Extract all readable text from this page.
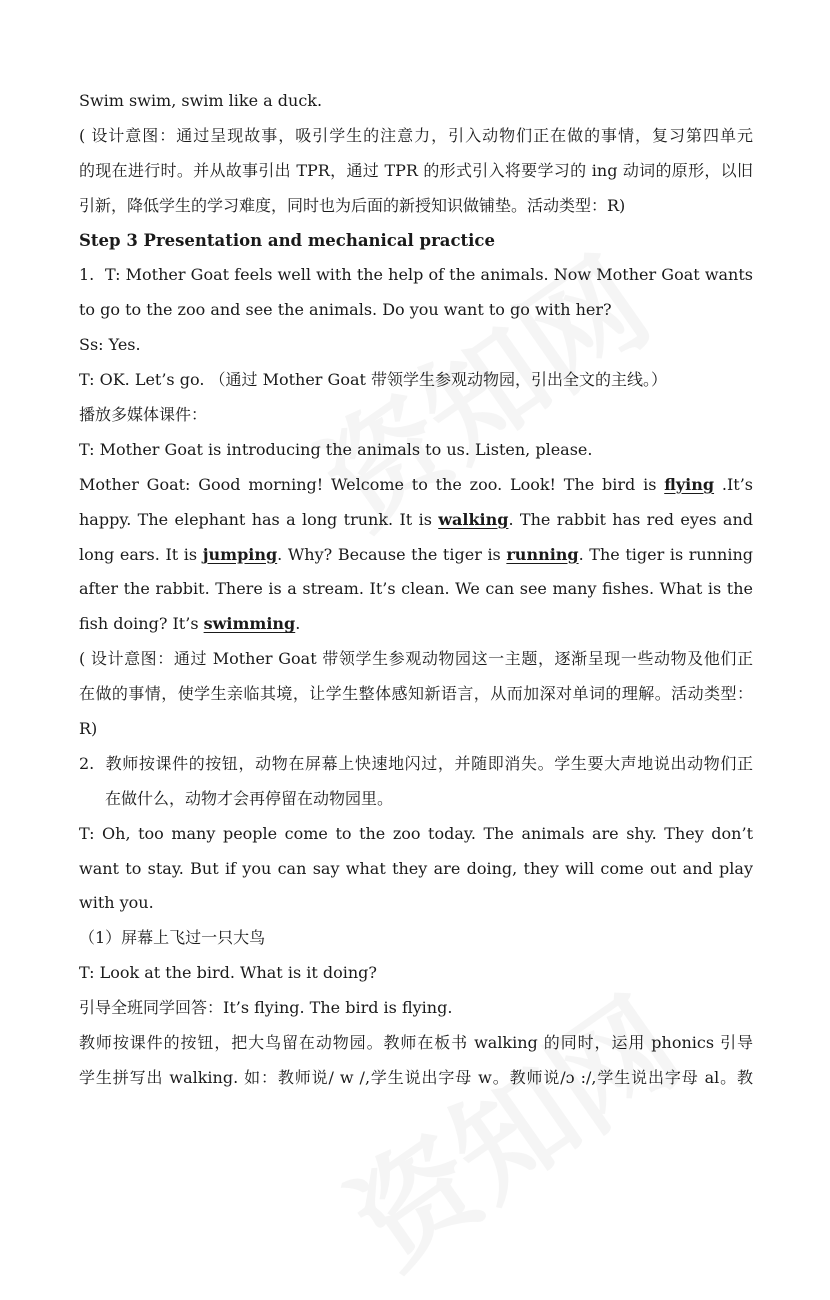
Swim swim, swim like a duck.
( 设计意图：通过呈现故事，吸引学生的注意力，引入动物们正在做的事情，复习第四单元
的现在进行时。并从故事引出 TPR，通过 TPR 的形式引入将要学习的 ing 动词的原形，以旧
引新，降低学生的学习难度，同时也为后面的新授知识做铺垫。活动类型：R)
Step 3 Presentation and mechanical practice
1. T: Mother Goat feels well with the help of the animals. Now Mother Goat wants
to go to the zoo and see the animals. Do you want to go with her?
Ss: Yes.
T: OK. Let’s go. （通过 Mother Goat 带领学生参观动物园，引出全文的主线。）
播放多媒体课件：
T: Mother Goat is introducing the animals to us. Listen, please.
Mother Goat: Good morning! Welcome to the zoo. Look! The bird is flying .It’s
happy. The elephant has a long trunk. It is walking. The rabbit has red eyes and
long ears. It is jumping. Why? Because the tiger is running. The tiger is running
after the rabbit. There is a stream. It’s clean. We can see many fishes. What is the
fish doing? It’s swimming.
( 设计意图：通过 Mother Goat 带领学生参观动物园这一主题，逐渐呈现一些动物及他们正
在做的事情，使学生亲临其境，让学生整体感知新语言，从而加深对单词的理解。活动类型：
R)
2. 教师按课件的按钮，动物在屏幕上快速地闪过，并随即消失。学生要大声地说出动物们正
在做什么，动物才会再停留在动物园里。
T: Oh, too many people come to the zoo today. The animals are shy. They don’t
want to stay. But if you can say what they are doing, they will come out and play
with you.
（1）屏幕上飞过一只大鸟
T: Look at the bird. What is it doing?
引导全班同学回答：It’s flying. The bird is flying.
教师按课件的按钮，把大鸟留在动物园。教师在板书 walking 的同时，运用 phonics 引导
学生拼写出 walking. 如：教师说/ w /,学生说出字母 w。教师说/ɔ :/,学生说出字母 al。教
